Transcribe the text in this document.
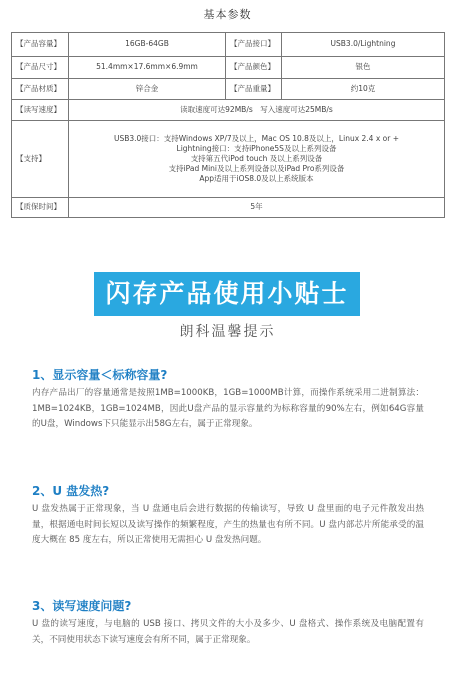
基本参数
【产品容量】	16GB-64GB	【产品接口】	USB3.0/Lightning
【产品尺寸】	51.4mm×17.6mm×6.9mm	【产品颜色】	银色
【产品材质】	锌合金	【产品重量】	约10克
【读写速度】	读取速度可达92MB/s　写入速度可达25MB/s		
【支持】	USB3.0接口：支持Windows XP/7及以上，Mac OS 10.8及以上，Linux 2.4 x or +
Lightning接口：支持iPhone5S及以上系列设备
支持第五代iPod touch 及以上系列设备
支持iPad Mini及以上系列设备以及iPad Pro系列设备
App适用于iOS8.0及以上系统版本		

【质保时间】	5年		
闪存产品使用小贴士
朗科温馨提示
1、显示容量＜标称容量?

内存产品出厂的容量通常是按照1MB=1000KB，1GB=1000MB计算，而操作系统采用二进制算法：1MB=1024KB，1GB=1024MB，因此U盘产品的显示容量约为标称容量的90%左右，例如64G容量的U盘，Windows下只能显示出58G左右，属于正常现象。

2、U 盘发热?

U 盘发热属于正常现象，当 U 盘通电后会进行数据的传输读写，导致 U 盘里面的电子元件散发出热量，根据通电时间长短以及读写操作的频繁程度，产生的热量也有所不同。U 盘内部芯片所能承受的温度大概在 85 度左右，所以正常使用无需担心 U 盘发热问题。

3、读写速度问题?

U 盘的读写速度，与电脑的 USB 接口、拷贝文件的大小及多少、U 盘格式、操作系统及电脑配置有关，不同使用状态下读写速度会有所不同，属于正常现象。
